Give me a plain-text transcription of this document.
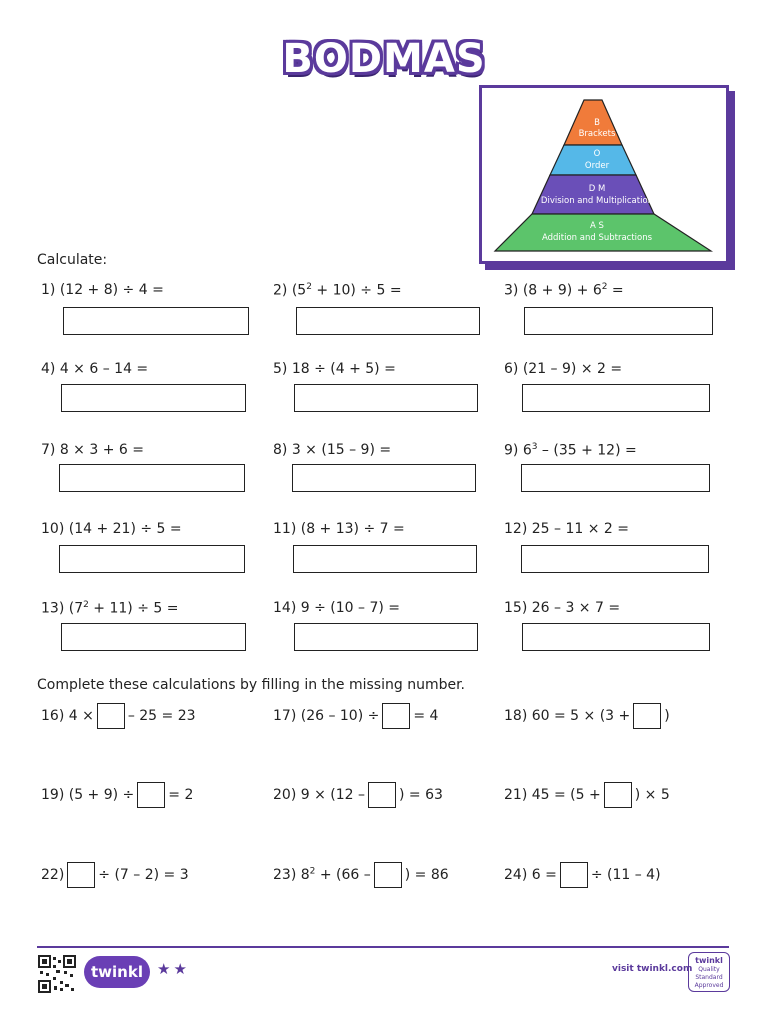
BODMAS
B
Brackets
O
Order
D M
Division and Multiplication
A S
Addition and Subtractions
Calculate:
1) (12 + 8) ÷ 4 =	2) $(5^2 + 10) \div 5$ =	3) $(8 + 9) + 6^2$ =
4) 4 × 6 – 14 =	5) 18 ÷ (4 + 5) =	6) (21 – 9) × 2 =
7) 8 × 3 + 6 =	8) 3 × (15 – 9) =	9) $6^3 - (35 + 12)$ =
10) (14 + 21) ÷ 5 =	11) (8 + 13) ÷ 7 =	12) 25 – 11 × 2 =
13) $(7^2 + 11) \div 5$ =	14) 9 ÷ (10 – 7) =	15) 26 – 3 × 7 =
Complete these calculations by filling in the missing number.
16) 4 × – 25 = 23	17) (26 – 10) ÷ = 4	18) 60 = 5 × (3 + )
19) (5 + 9) ÷ = 2	20) 9 × (12 – ) = 63	21) 45 = (5 + ) × 5
22) ÷ (7 – 2) = 3	23) $8^2 + (66$ – ) = 86	24) 6 = ÷ (11 – 4)
twinkl ★★	visit twinkl.com
twinkl
Quality Standard Approved
